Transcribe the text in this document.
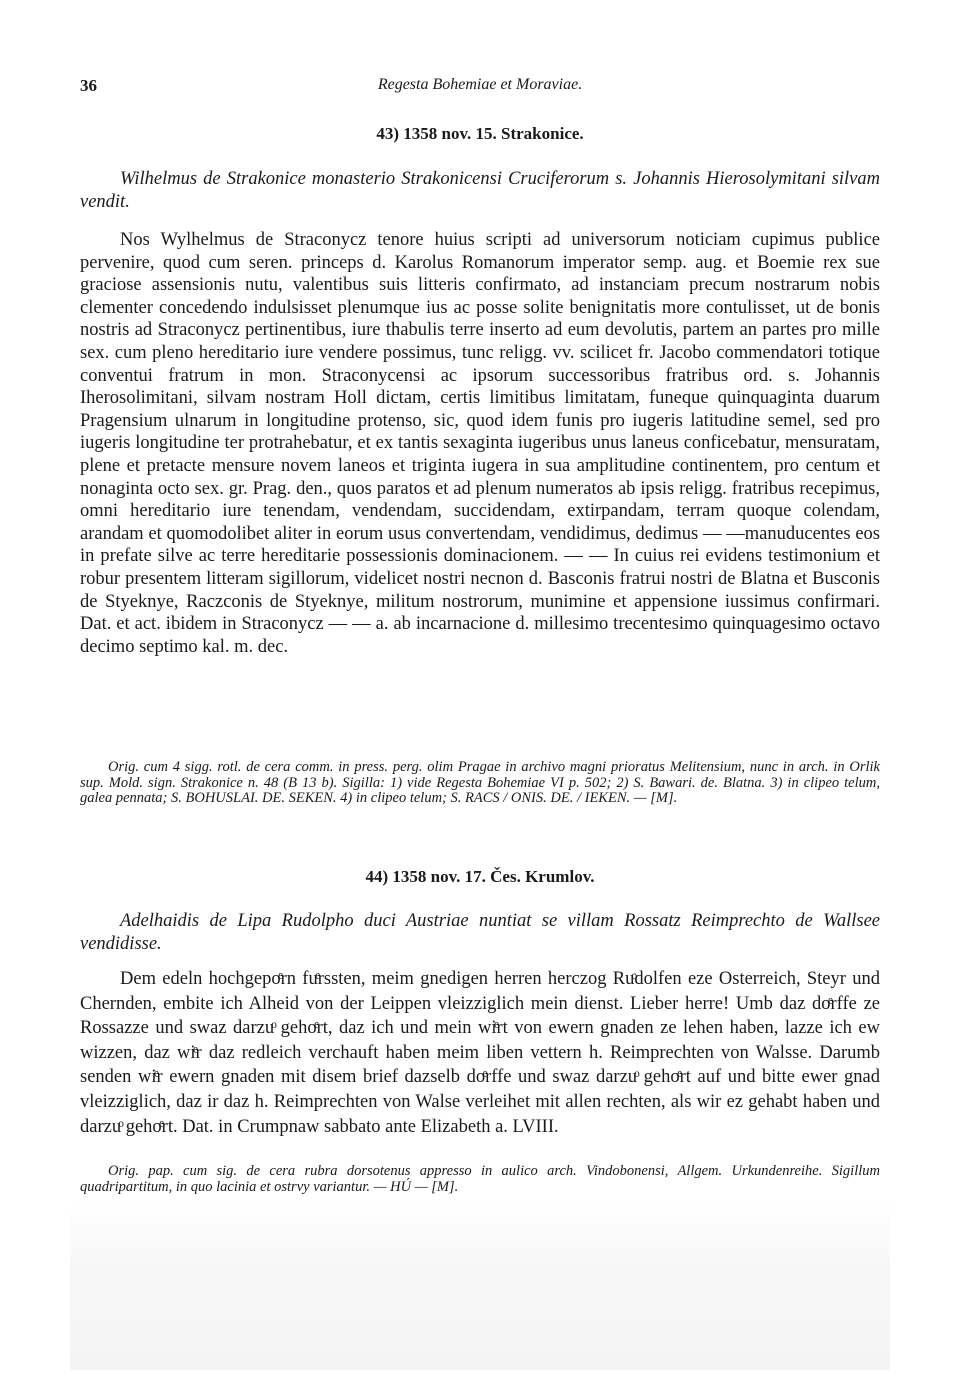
36	Regesta Bohemiae et Moraviae.
43) 1358 nov. 15. Strakonice.
Wilhelmus de Strakonice monasterio Strakonicensi Cruciferorum s. Johannis Hierosolymitani silvam vendit.
Nos Wylhelmus de Straconycz tenore huius scripti ad universorum noticiam cupimus publice pervenire, quod cum seren. princeps d. Karolus Romanorum imperator semp. aug. et Boemie rex sue graciose assensionis nutu, valentibus suis litteris confirmato, ad instanciam precum nostrarum nobis clementer concedendo indulsisset plenumque ius ac posse solite benignitatis more contulisset, ut de bonis nostris ad Straconycz pertinentibus, iure thabulis terre inserto ad eum devolutis, partem an partes pro mille sex. cum pleno hereditario iure vendere possimus, tunc religg. vv. scilicet fr. Jacobo commendatori totique conventui fratrum in mon. Straconycensi ac ipsorum successoribus fratribus ord. s. Johannis Iherosolimitani, silvam nostram Holl dictam, certis limitibus limitatam, funeque quinquaginta duarum Pragensium ulnarum in longitudine protenso, sic, quod idem funis pro iugeris latitudine semel, sed pro iugeris longitudine ter protrahebatur, et ex tantis sexaginta iugeribus unus laneus conficebatur, mensuratam, plene et pretacte mensure novem laneos et triginta iugera in sua amplitudine continentem, pro centum et nonaginta octo sex. gr. Prag. den., quos paratos et ad plenum numeratos ab ipsis religg. fratribus recepimus, omni hereditario iure tenendam, vendendam, succidendam, extirpandam, terram quoque colendam, arandam et quomodolibet aliter in eorum usus convertendam, vendidimus, dedimus — —manuducentes eos in prefate silve ac terre hereditarie possessionis dominacionem. — — In cuius rei evidens testimonium et robur presentem litteram sigillorum, videlicet nostri necnon d. Basconis fratrui nostri de Blatna et Busconis de Styeknye, Raczconis de Styeknye, militum nostrorum, munimine et appensione iussimus confirmari. Dat. et act. ibidem in Straconycz — — a. ab incarnacione d. millesimo trecentesimo quinquagesimo octavo decimo septimo kal. m. dec.
Orig. cum 4 sigg. rotl. de cera comm. in press. perg. olim Pragae in archivo magni prioratus Melitensium, nunc in arch. in Orlik sup. Mold. sign. Strakonice n. 48 (B 13 b). Sigilla: 1) vide Regesta Bohemiae VI p. 502; 2) S. Bawari. de. Blatna. 3) in clipeo telum, galea pennata; S. BOHUSLAI. DE. SEKEN. 4) in clipeo telum; S. RACS / ONIS. DE. / IEKEN. — [M].
44) 1358 nov. 17. Čes. Krumlov.
Adelhaidis de Lipa Rudolpho duci Austriae nuntiat se villam Rossatz Reimprechto de Wallsee vendidisse.
Dem edeln hochgepoͤrn fuͤrssten, meim gnedigen herren herczog Ruͦdolfen eze Osterreich, Steyr und Chernden, embite ich Alheid von der Leippen vleizziglich mein dienst. Lieber herre! Umb daz doͤrffe ze Rossazze und swaz darzuͦ gehoͤrt, daz ich und mein wiͤrt von ewern gnaden ze lehen haben, lazze ich ew wizzen, daz wiͤr daz redleich verchauft haben meim liben vettern h. Reimprechten von Walsse. Darumb senden wiͤr ewern gnaden mit disem brief dazselb doͤrffe und swaz darzuͦ gehoͤrt auf und bitte ewer gnad vleizziglich, daz ir daz h. Reimprechten von Walse verleihet mit allen rechten, als wir ez gehabt haben und darzuͦ gehoͤrt. Dat. in Crumpnaw sabbato ante Elizabeth a. LVIII.
Orig. pap. cum sig. de cera rubra dorsotenus appresso in aulico arch. Vindobonensi, Allgem. Urkundenreihe. Sigillum quadripartitum, in quo lacinia et ostrvy variantur. — HÚ — [M].
